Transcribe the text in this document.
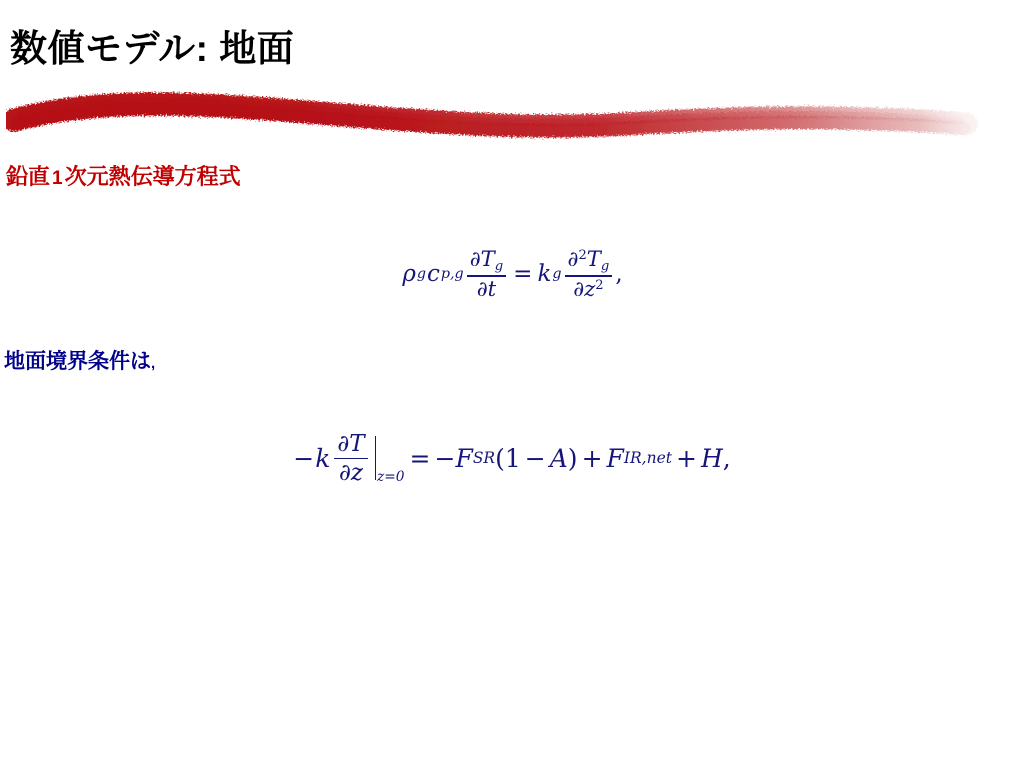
数値モデル: 地面
鉛直 1次元熱伝導方程式
ρ g c $p,g \frac{\partial T_g}{\partial t} = k$ g $\frac{\partial^2T_g}{\partial z^2}$ ,
地面境界条件は,
− k $\frac{\partial T}{\partial z} z=0$
= − F SR (1 − A ) + F IR,net + H ,
